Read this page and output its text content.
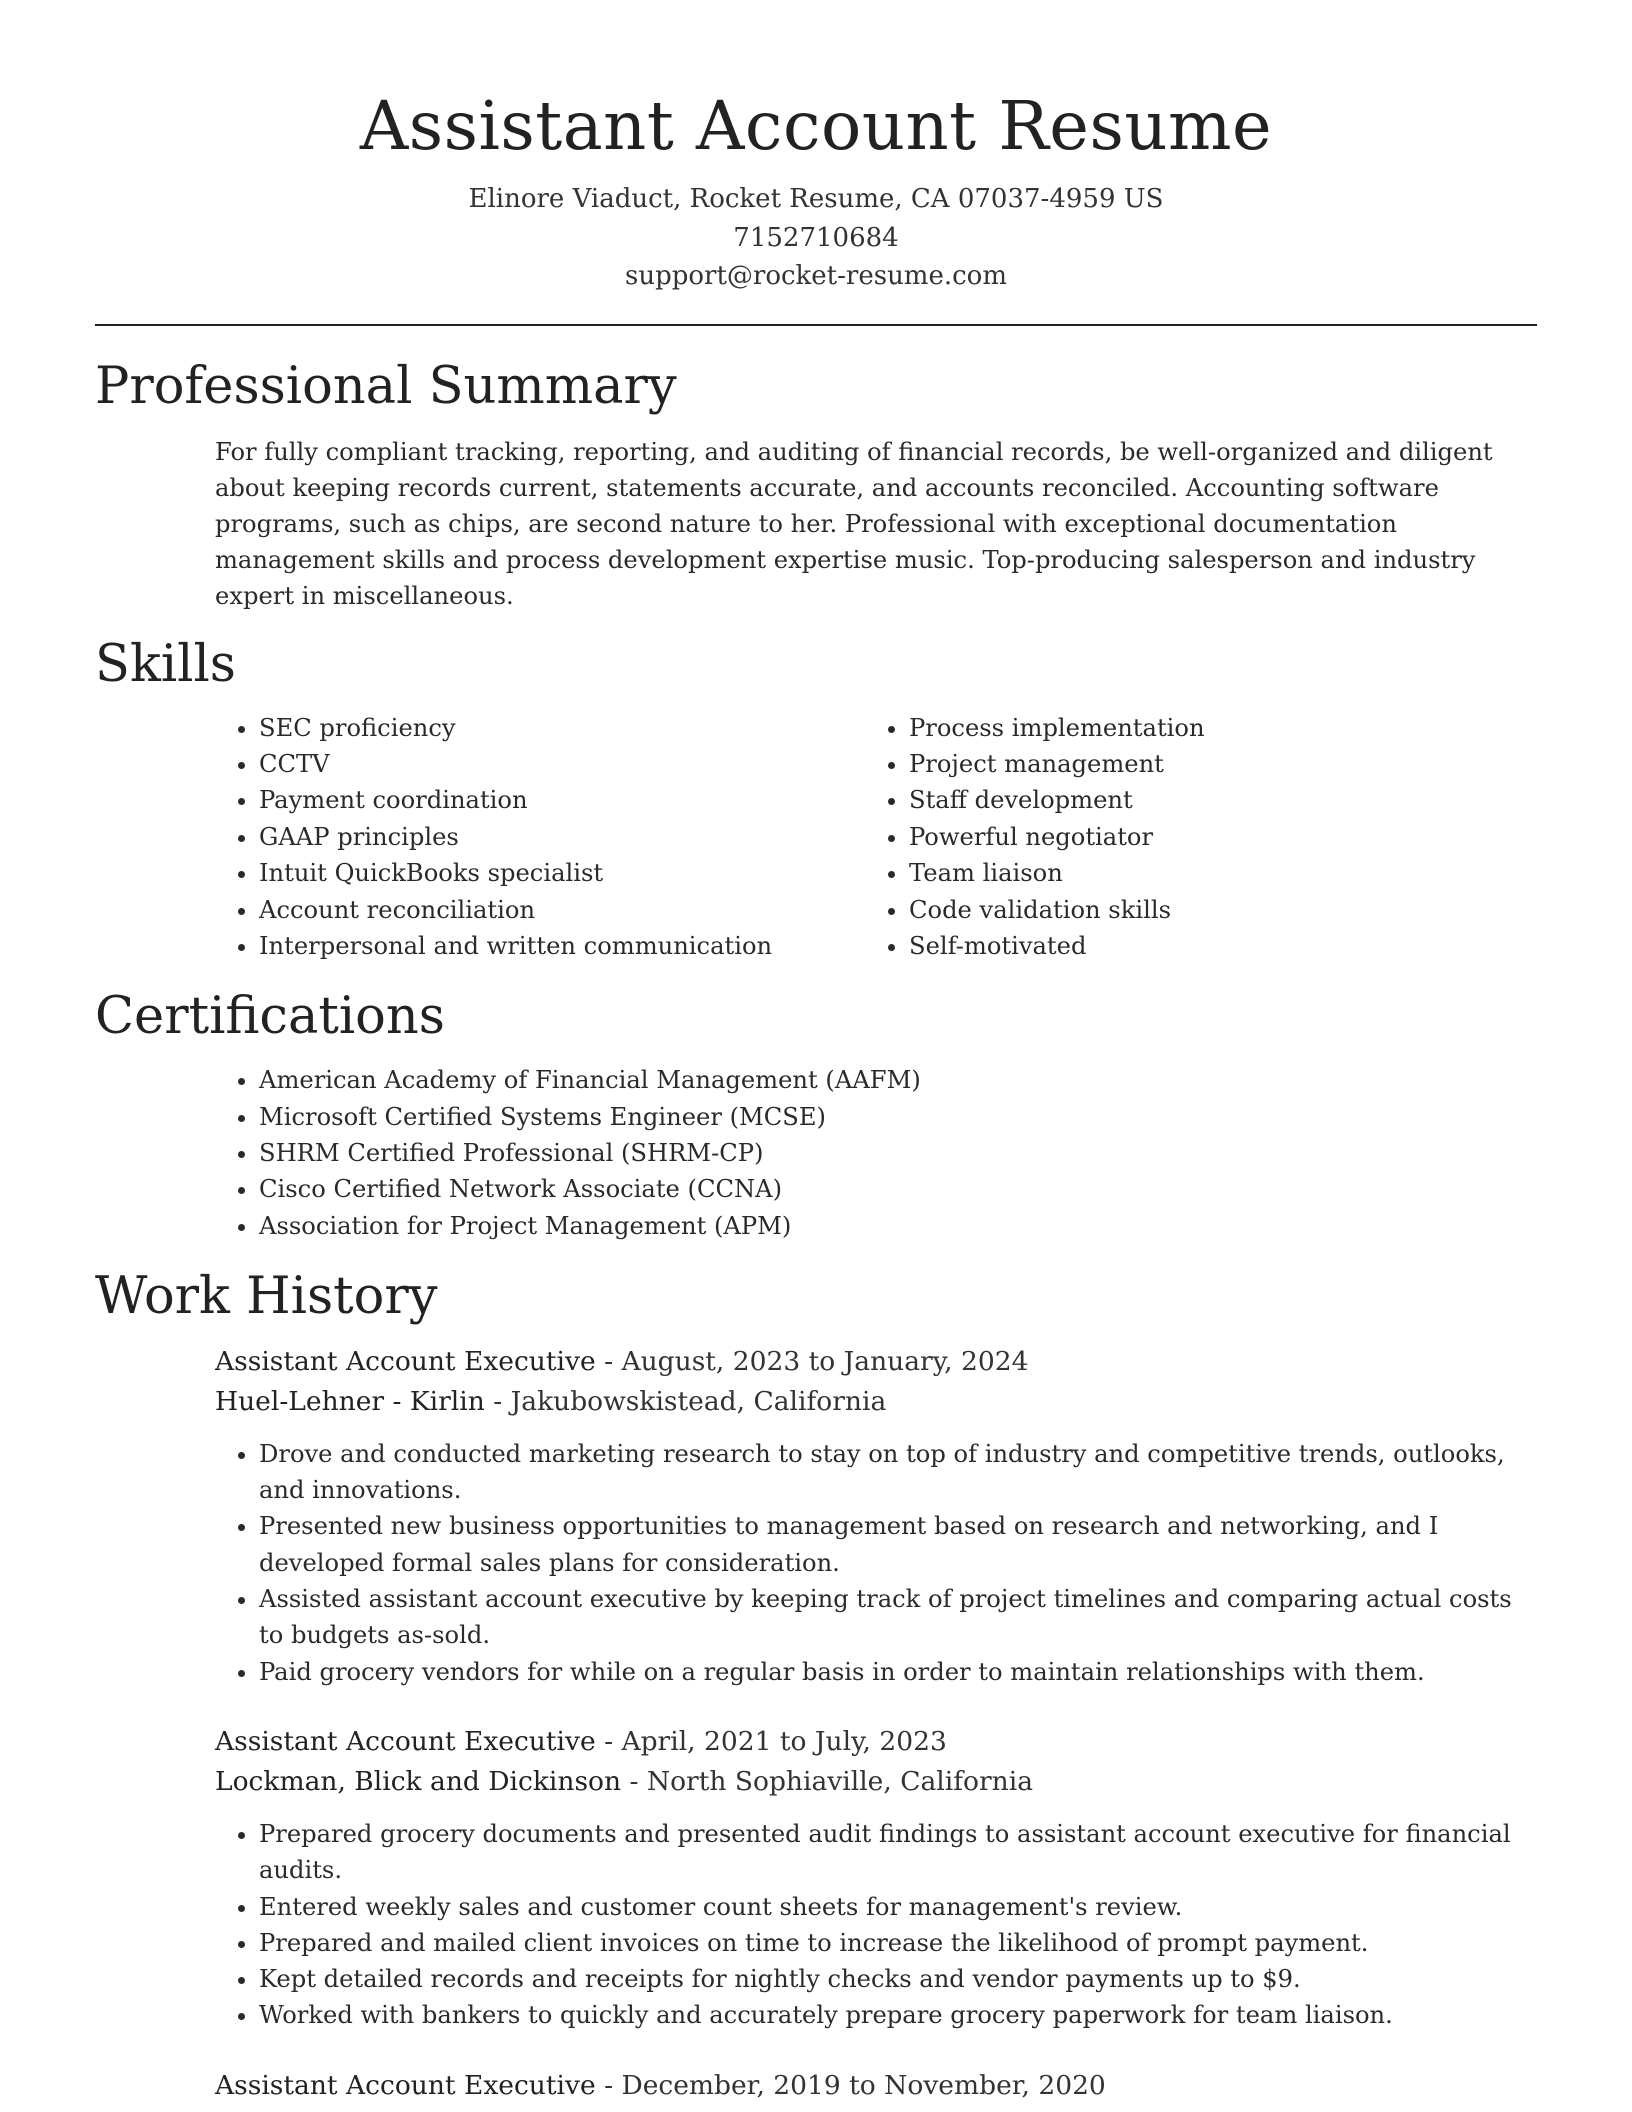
Assistant Account Resume
Elinore Viaduct, Rocket Resume, CA 07037-4959 US
7152710684
support@rocket-resume.com
Professional Summary
For fully compliant tracking, reporting, and auditing of financial records, be well-organized and diligent about keeping records current, statements accurate, and accounts reconciled. Accounting software programs, such as chips, are second nature to her. Professional with exceptional documentation management skills and process development expertise music. Top-producing salesperson and industry expert in miscellaneous.
Skills
• SEC proficiency
• CCTV
• Payment coordination
• GAAP principles
• Intuit QuickBooks specialist
• Account reconciliation
• Interpersonal and written communication
• Process implementation
• Project management
• Staff development
• Powerful negotiator
• Team liaison
• Code validation skills
• Self-motivated
Certifications
• American Academy of Financial Management (AAFM)
• Microsoft Certified Systems Engineer (MCSE)
• SHRM Certified Professional (SHRM-CP)
• Cisco Certified Network Associate (CCNA)
• Association for Project Management (APM)
Work History
Assistant Account Executive - August, 2023 to January, 2024
Huel-Lehner - Kirlin - Jakubowskistead, California
• Drove and conducted marketing research to stay on top of industry and competitive trends, outlooks, and innovations.
• Presented new business opportunities to management based on research and networking, and I developed formal sales plans for consideration.
• Assisted assistant account executive by keeping track of project timelines and comparing actual costs to budgets as-sold.
• Paid grocery vendors for while on a regular basis in order to maintain relationships with them.
Assistant Account Executive - April, 2021 to July, 2023
Lockman, Blick and Dickinson - North Sophiaville, California
• Prepared grocery documents and presented audit findings to assistant account executive for financial audits.
• Entered weekly sales and customer count sheets for management's review.
• Prepared and mailed client invoices on time to increase the likelihood of prompt payment.
• Kept detailed records and receipts for nightly checks and vendor payments up to $9.
• Worked with bankers to quickly and accurately prepare grocery paperwork for team liaison.
Assistant Account Executive - December, 2019 to November, 2020
